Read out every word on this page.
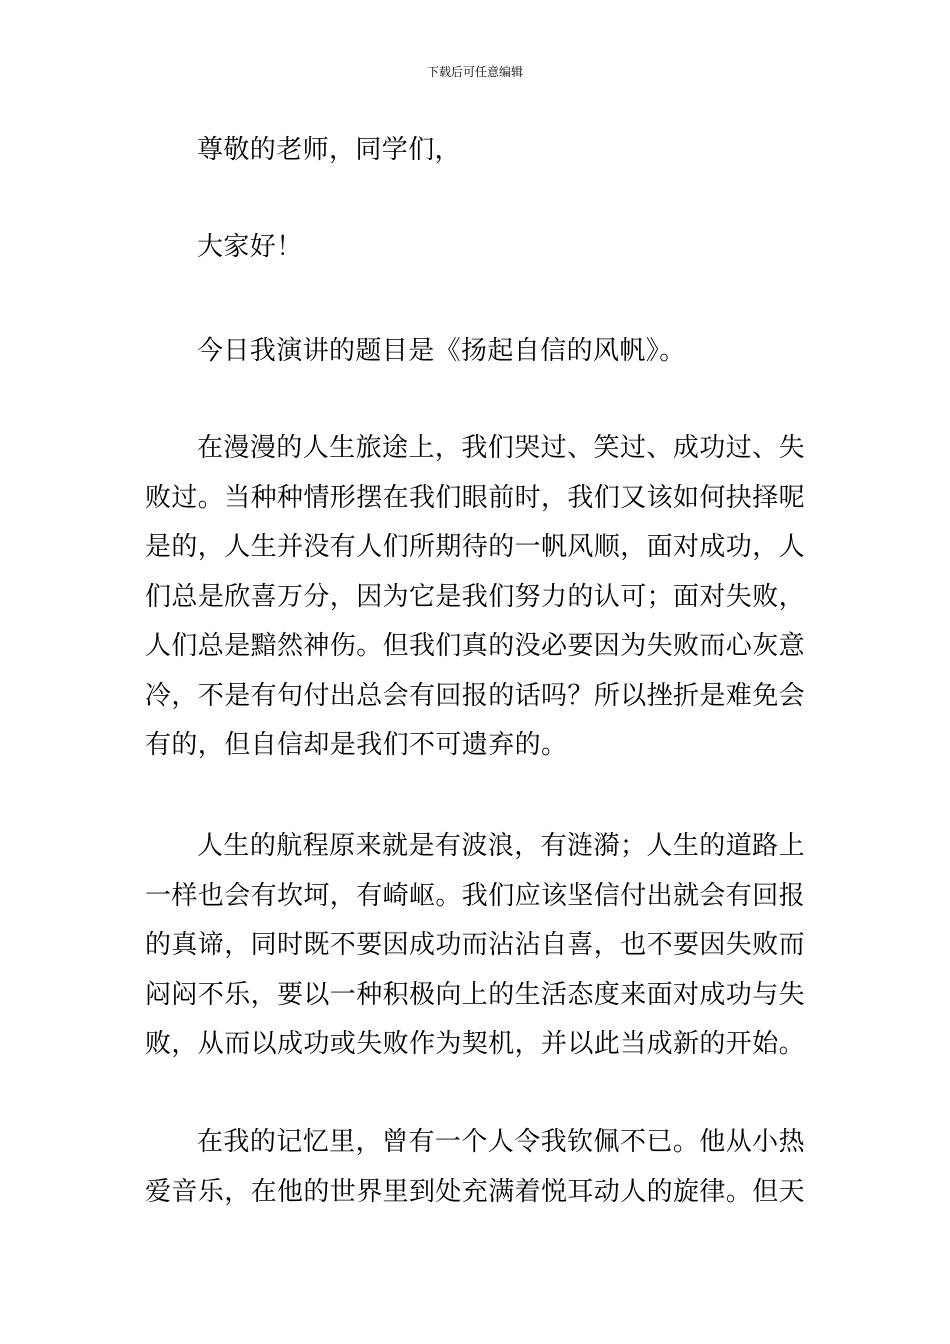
下载后可任意编辑

尊敬的老师，同学们，

大家好！

今日我演讲的题目是《扬起自信的风帆》。

在漫漫的人生旅途上，我们哭过、笑过、成功过、失败过。当种种情形摆在我们眼前时，我们又该如何抉择呢是的，人生并没有人们所期待的一帆风顺，面对成功，人们总是欣喜万分，因为它是我们努力的认可；面对失败，人们总是黯然神伤。但我们真的没必要因为失败而心灰意冷，不是有句付出总会有回报的话吗？所以挫折是难免会有的，但自信却是我们不可遗弃的。

人生的航程原来就是有波浪，有涟漪；人生的道路上一样也会有坎坷，有崎岖。我们应该坚信付出就会有回报的真谛，同时既不要因成功而沾沾自喜，也不要因失败而闷闷不乐，要以一种积极向上的生活态度来面对成功与失败，从而以成功或失败作为契机，并以此当成新的开始。

在我的记忆里，曾有一个人令我钦佩不已。他从小热爱音乐，在他的世界里到处充满着悦耳动人的旋律。但天
